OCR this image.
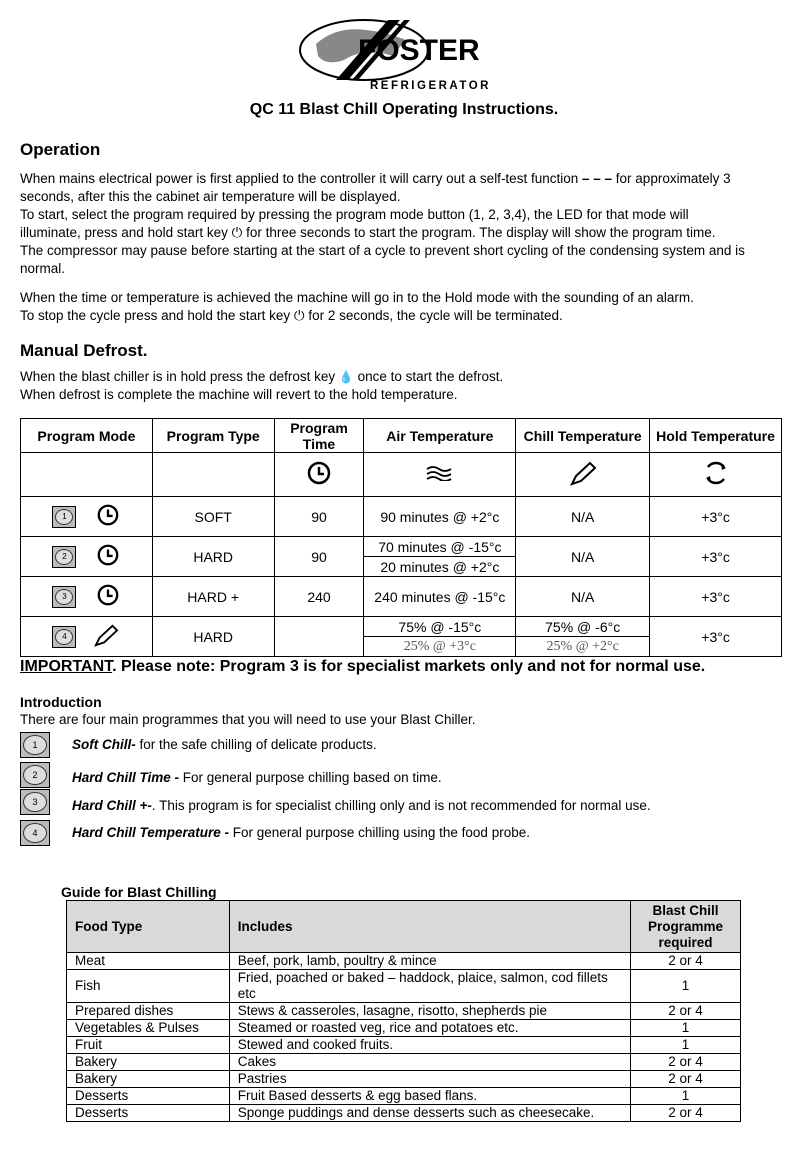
FOSTER
REFRIGERATOR
QC 11 Blast Chill Operating Instructions.
Operation
When mains electrical power is first applied to the controller it will carry out a self-test function – – – for approximately 3
seconds, after this the cabinet air temperature will be displayed.
To start, select the program required by pressing the program mode button (1, 2, 3,4), the LED for that mode will
illuminate, press and hold start key ⏻ for three seconds to start the program. The display will show the program time.
The compressor may pause before starting at the start of a cycle to prevent short cycling of the condensing system and is
normal.
When the time or temperature is achieved the machine will go in to the Hold mode with the sounding of an alarm.
To stop the cycle press and hold the start key ⏻ for 2 seconds, the cycle will be terminated.
Manual Defrost.
When the blast chiller is in hold press the defrost key 💧 once to start the defrost.
When defrost is complete the machine will revert to the hold temperature.
Program Mode	Program Type	Program Time	Air Temperature	Chill Temperature	Hold Temperature

1	SOFT	90	90 minutes @ +2°c	N/A	+3°c

2	HARD	90	70 minutes @ -15°c	N/A	+3°c
			20 minutes @ +2°c		

3	HARD +	240	240 minutes @ -15°c	N/A	+3°c

4	HARD		75% @ -15°c	75% @ -6°c	+3°c
			25% @ +3°c	25% @ +2°c	
IMPORTANT. Please note: Program 3 is for specialist markets only and not for normal use.
Introduction
There are four main programmes that you will need to use your Blast Chiller.
1	Soft Chill- for the safe chilling of delicate products.
2	Hard Chill Time - For general purpose chilling based on time.
3	Hard Chill +-. This program is for specialist chilling only and is not recommended for normal use.
4	Hard Chill Temperature - For general purpose chilling using the food probe.
Guide for Blast Chilling
Food Type	Includes	Blast Chill Programme required
Meat	Beef, pork, lamb, poultry & mince	2 or 4
Fish	Fried, poached or baked – haddock, plaice, salmon, cod fillets etc	1
Prepared dishes	Stews & casseroles, lasagne, risotto, shepherds pie	2 or 4
Vegetables & Pulses	Steamed or roasted veg, rice and potatoes etc.	1
Fruit	Stewed and cooked fruits.	1
Bakery	Cakes	2 or 4
Bakery	Pastries	2 or 4
Desserts	Fruit Based desserts & egg based flans.	1
Desserts	Sponge puddings and dense desserts such as cheesecake.	2 or 4
